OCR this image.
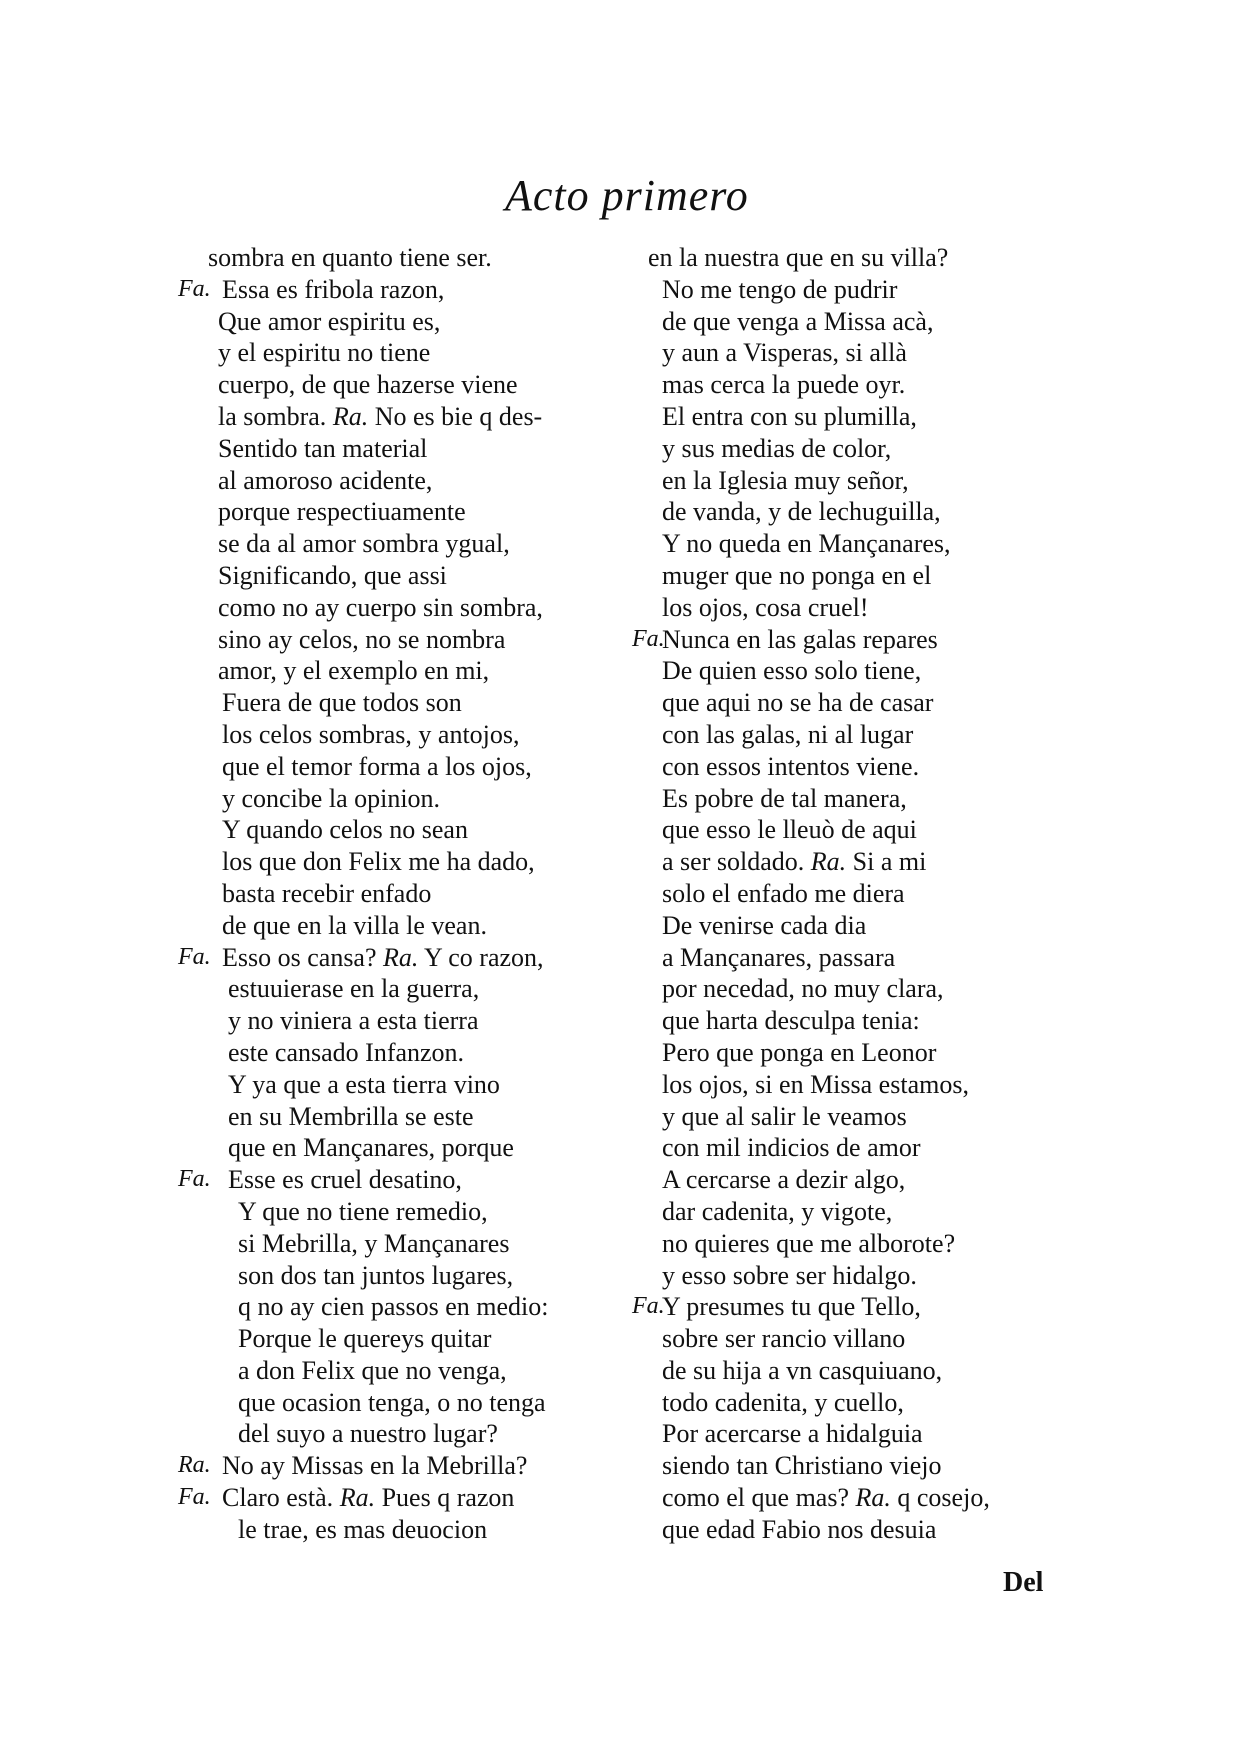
Acto primero
sombra en quanto tiene ser.
Fa. Essa es fribola razon,
Que amor espiritu es,
y el espiritu no tiene
cuerpo, de que hazerse viene
la sombra. Ra. No es bie q des-
Sentido tan material
al amoroso acidente,
porque respectiuamente
se da al amor sombra ygual,
Significando, que assi
como no ay cuerpo sin sombra,
sino ay celos, no se nombra
amor, y el exemplo en mi,
Fuera de que todos son
los celos sombras, y antojos,
que el temor forma a los ojos,
y concibe la opinion.
Y quando celos no sean
los que don Felix me ha dado,
basta recebir enfado
de que en la villa le vean.
Fa. Esso os cansa? Ra. Y co razon,
estuuierase en la guerra,
y no viniera a esta tierra
este cansado Infanzon.
Y ya que a esta tierra vino
en su Membrilla se este
que en Mançanares, porque
Fa. Esse es cruel desatino,
Y que no tiene remedio,
si Mebrilla, y Mançanares
son dos tan juntos lugares,
q no ay cien passos en medio:
Porque le quereys quitar
a don Felix que no venga,
que ocasion tenga, o no tenga
del suyo a nuestro lugar?
Ra. No ay Missas en la Mebrilla?
Fa. Claro està. Ra. Pues q razon
le trae, es mas deuocion
en la nuestra que en su villa?
No me tengo de pudrir
de que venga a Missa acà,
y aun a Visperas, si allà
mas cerca la puede oyr.
El entra con su plumilla,
y sus medias de color,
en la Iglesia muy señor,
de vanda, y de lechuguilla,
Y no queda en Mançanares,
muger que no ponga en el
los ojos, cosa cruel!
Fa.
Nunca en las galas repares
De quien esso solo tiene,
que aqui no se ha de casar
con las galas, ni al lugar
con essos intentos viene.
Es pobre de tal manera,
que esso le lleuò de aqui
a ser soldado. Ra. Si a mi
solo el enfado me diera
De venirse cada dia
a Mançanares, passara
por necedad, no muy clara,
que harta desculpa tenia:
Pero que ponga en Leonor
los ojos, si en Missa estamos,
y que al salir le veamos
con mil indicios de amor
A cercarse a dezir algo,
dar cadenita, y vigote,
no quieres que me alborote?
y esso sobre ser hidalgo.
Fa.
Y presumes tu que Tello,
sobre ser rancio villano
de su hija a vn casquiuano,
todo cadenita, y cuello,
Por acercarse a hidalguia
siendo tan Christiano viejo
como el que mas? Ra. q cosejo,
que edad Fabio nos desuia
Del
